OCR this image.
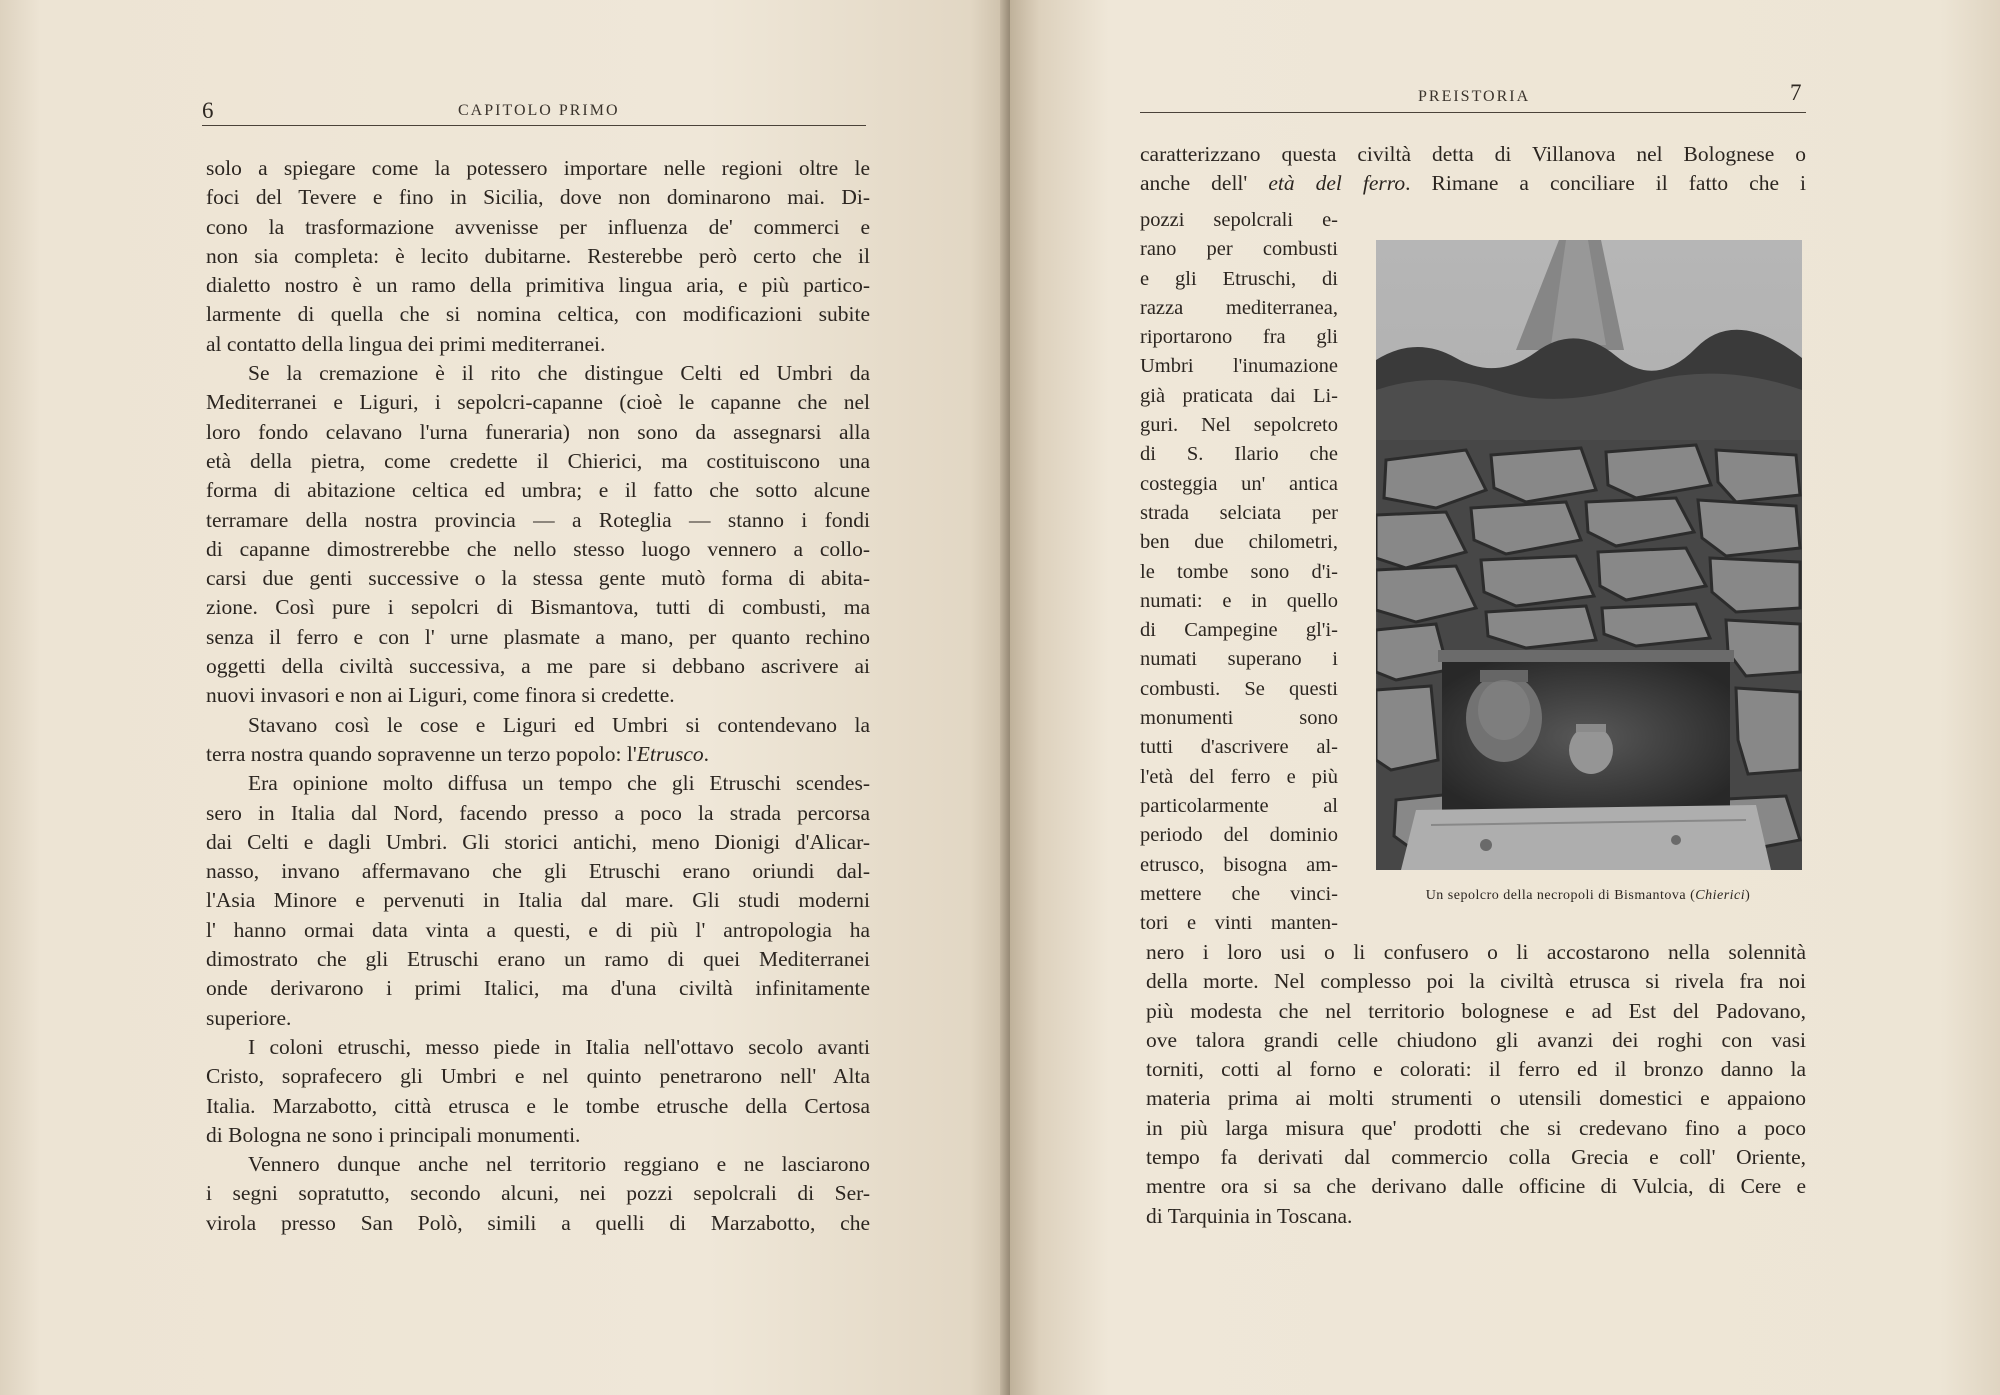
6	CAPITOLO PRIMO
solo a spiegare come la potessero importare nelle regioni oltre le
foci del Tevere e fino in Sicilia, dove non dominarono mai. Di-
cono la trasformazione avvenisse per influenza de' commerci e
non sia completa: è lecito dubitarne. Resterebbe però certo che il
dialetto nostro è un ramo della primitiva lingua aria, e più partico-
larmente di quella che si nomina celtica, con modificazioni subite
al contatto della lingua dei primi mediterranei.
Se la cremazione è il rito che distingue Celti ed Umbri da
Mediterranei e Liguri, i sepolcri-capanne (cioè le capanne che nel
loro fondo celavano l'urna funeraria) non sono da assegnarsi alla
età della pietra, come credette il Chierici, ma costituiscono una
forma di abitazione celtica ed umbra; e il fatto che sotto alcune
terramare della nostra provincia — a Roteglia — stanno i fondi
di capanne dimostrerebbe che nello stesso luogo vennero a collo-
carsi due genti successive o la stessa gente mutò forma di abita-
zione. Così pure i sepolcri di Bismantova, tutti di combusti, ma
senza il ferro e con l' urne plasmate a mano, per quanto rechino
oggetti della civiltà successiva, a me pare si debbano ascrivere ai
nuovi invasori e non ai Liguri, come finora si credette.
Stavano così le cose e Liguri ed Umbri si contendevano la
terra nostra quando sopravenne un terzo popolo: l'Etrusco.
Era opinione molto diffusa un tempo che gli Etruschi scendes-
sero in Italia dal Nord, facendo presso a poco la strada percorsa
dai Celti e dagli Umbri. Gli storici antichi, meno Dionigi d'Alicar-
nasso, invano affermavano che gli Etruschi erano oriundi dal-
l'Asia Minore e pervenuti in Italia dal mare. Gli studi moderni
l' hanno ormai data vinta a questi, e di più l' antropologia ha
dimostrato che gli Etruschi erano un ramo di quei Mediterranei
onde derivarono i primi Italici, ma d'una civiltà infinitamente
superiore.
I coloni etruschi, messo piede in Italia nell'ottavo secolo avanti
Cristo, soprafecero gli Umbri e nel quinto penetrarono nell' Alta
Italia. Marzabotto, città etrusca e le tombe etrusche della Certosa
di Bologna ne sono i principali monumenti.
Vennero dunque anche nel territorio reggiano e ne lasciarono
i segni sopratutto, secondo alcuni, nei pozzi sepolcrali di Ser-
virola presso San Polò, simili a quelli di Marzabotto, che
PREISTORIA	7
caratterizzano questa civiltà detta di Villanova nel Bolognese o
anche dell' età del ferro. Rimane a conciliare il fatto che i
pozzi sepolcrali e-
rano per combusti
e gli Etruschi, di
razza mediterranea,
riportarono fra gli
Umbri l'inumazione
già praticata dai Li-
guri. Nel sepolcreto
di S. Ilario che
costeggia un' antica
strada selciata per
ben due chilometri,
le tombe sono d'i-
numati: e in quello
di Campegine gl'i-
numati superano i
combusti. Se questi
monumenti sono
tutti d'ascrivere al-
l'età del ferro e più
particolarmente al
periodo del dominio
etrusco, bisogna am-
mettere che vinci-
tori e vinti manten-
Un sepolcro della necropoli di Bismantova (Chierici)
nero i loro usi o li confusero o li accostarono nella solennità
della morte. Nel complesso poi la civiltà etrusca si rivela fra noi
più modesta che nel territorio bolognese e ad Est del Padovano,
ove talora grandi celle chiudono gli avanzi dei roghi con vasi
torniti, cotti al forno e colorati: il ferro ed il bronzo danno la
materia prima ai molti strumenti o utensili domestici e appaiono
in più larga misura que' prodotti che si credevano fino a poco
tempo fa derivati dal commercio colla Grecia e coll' Oriente,
mentre ora si sa che derivano dalle officine di Vulcia, di Cere e
di Tarquinia in Toscana.
